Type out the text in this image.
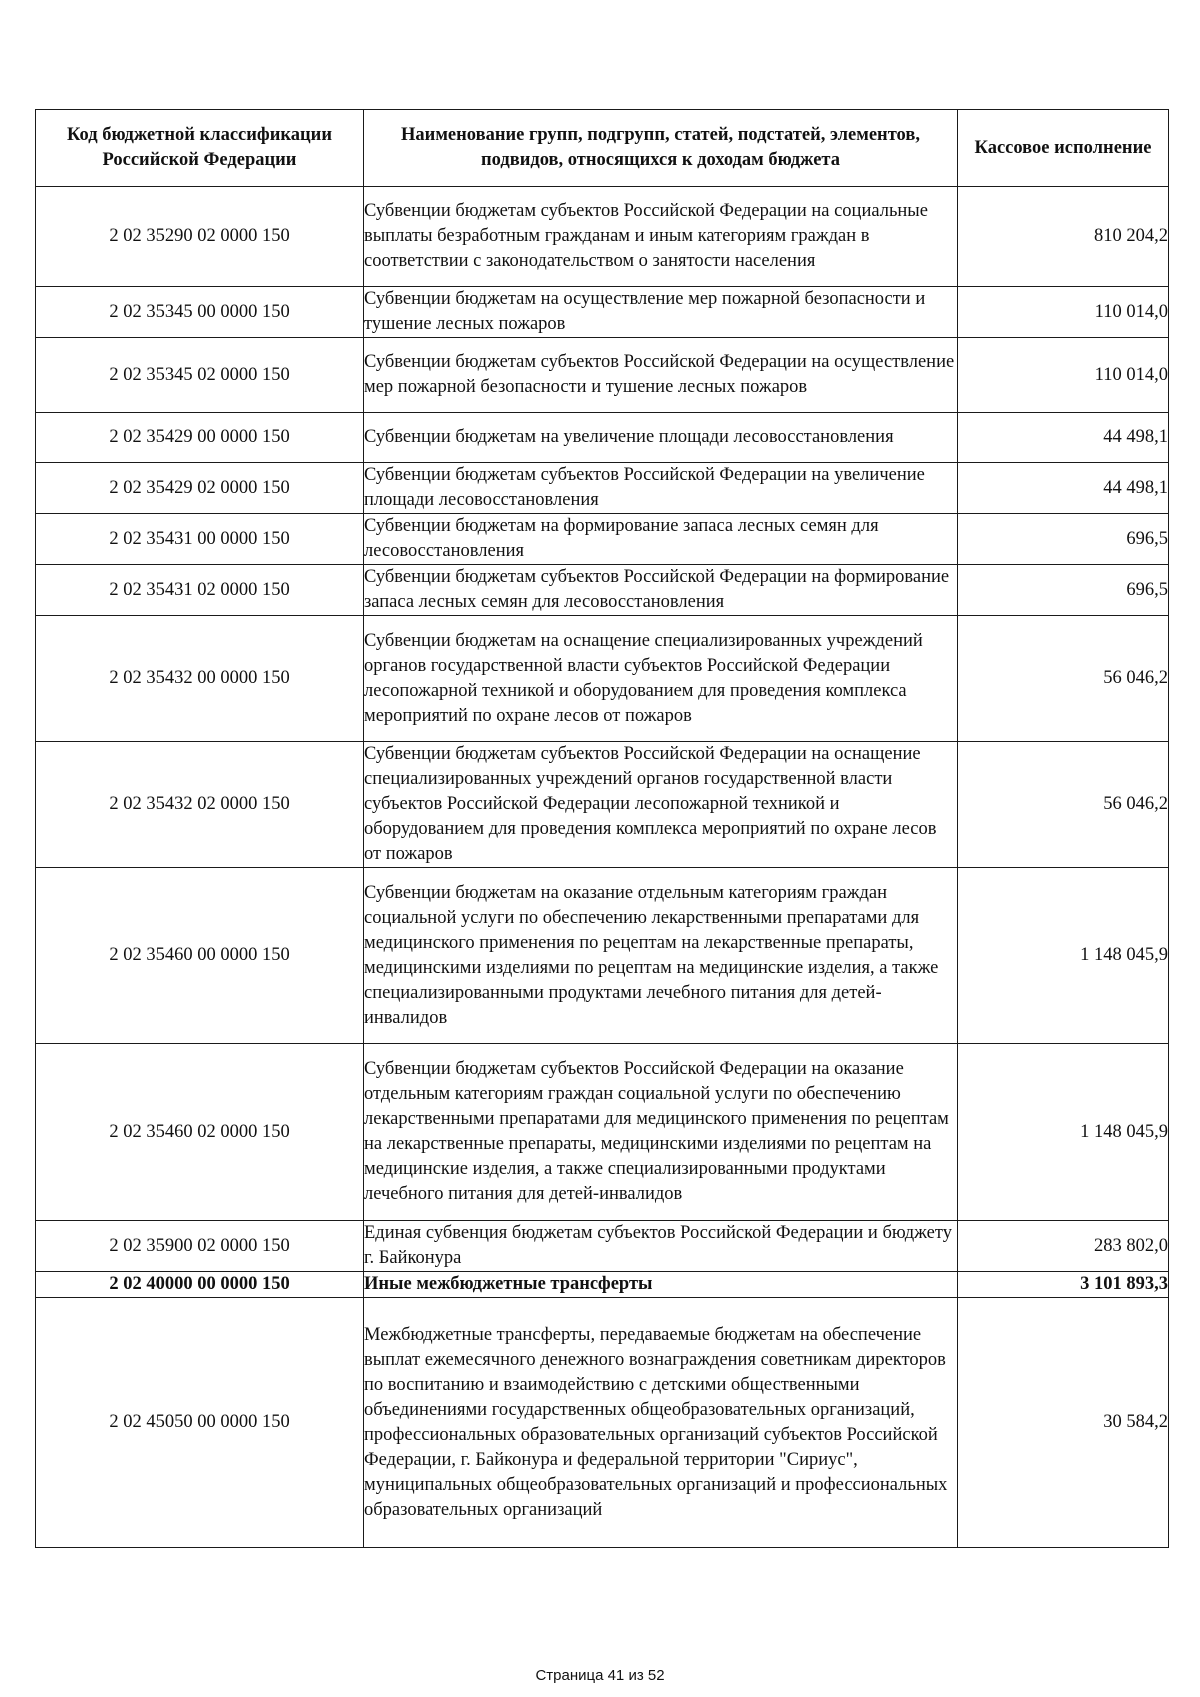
Код бюджетной классификации Российской Федерации	Наименование групп, подгрупп, статей, подстатей, элементов, подвидов, относящихся к доходам бюджета	Кассовое исполнение
2 02 35290 02 0000 150	Субвенции бюджетам субъектов Российской Федерации на социальные выплаты безработным гражданам и иным категориям граждан в соответствии с законодательством о занятости населения	810 204,2
2 02 35345 00 0000 150	Субвенции бюджетам на осуществление мер пожарной безопасности и тушение лесных пожаров	110 014,0
2 02 35345 02 0000 150	Субвенции бюджетам субъектов Российской Федерации на осуществление мер пожарной безопасности и тушение лесных пожаров	110 014,0
2 02 35429 00 0000 150	Субвенции бюджетам на увеличение площади лесовосстановления	44 498,1
2 02 35429 02 0000 150	Субвенции бюджетам субъектов Российской Федерации на увеличение площади лесовосстановления	44 498,1
2 02 35431 00 0000 150	Субвенции бюджетам на формирование запаса лесных семян для лесовосстановления	696,5
2 02 35431 02 0000 150	Субвенции бюджетам субъектов Российской Федерации на формирование запаса лесных семян для лесовосстановления	696,5
2 02 35432 00 0000 150	Субвенции бюджетам на оснащение специализированных учреждений органов государственной власти субъектов Российской Федерации лесопожарной техникой и оборудованием для проведения комплекса мероприятий по охране лесов от пожаров	56 046,2
2 02 35432 02 0000 150	Субвенции бюджетам субъектов Российской Федерации на оснащение специализированных учреждений органов государственной власти субъектов Российской Федерации лесопожарной техникой и оборудованием для проведения комплекса мероприятий по охране лесов от пожаров	56 046,2
2 02 35460 00 0000 150	Субвенции бюджетам на оказание отдельным категориям граждан социальной услуги по обеспечению лекарственными препаратами для медицинского применения по рецептам на лекарственные препараты, медицинскими изделиями по рецептам на медицинские изделия, а также специализированными продуктами лечебного питания для детей-инвалидов	1 148 045,9
2 02 35460 02 0000 150	Субвенции бюджетам субъектов Российской Федерации на оказание отдельным категориям граждан социальной услуги по обеспечению лекарственными препаратами для медицинского применения по рецептам на лекарственные препараты, медицинскими изделиями по рецептам на медицинские изделия, а также специализированными продуктами лечебного питания для детей-инвалидов	1 148 045,9
2 02 35900 02 0000 150	Единая субвенция бюджетам субъектов Российской Федерации и бюджету г. Байконура	283 802,0
2 02 40000 00 0000 150	Иные межбюджетные трансферты	3 101 893,3
2 02 45050 00 0000 150	Межбюджетные трансферты, передаваемые бюджетам на обеспечение выплат ежемесячного денежного вознаграждения советникам директоров по воспитанию и взаимодействию с детскими общественными объединениями государственных общеобразовательных организаций, профессиональных образовательных организаций субъектов Российской Федерации, г. Байконура и федеральной территории "Сириус", муниципальных общеобразовательных организаций и профессиональных образовательных организаций	30 584,2
Страница 41 из 52
